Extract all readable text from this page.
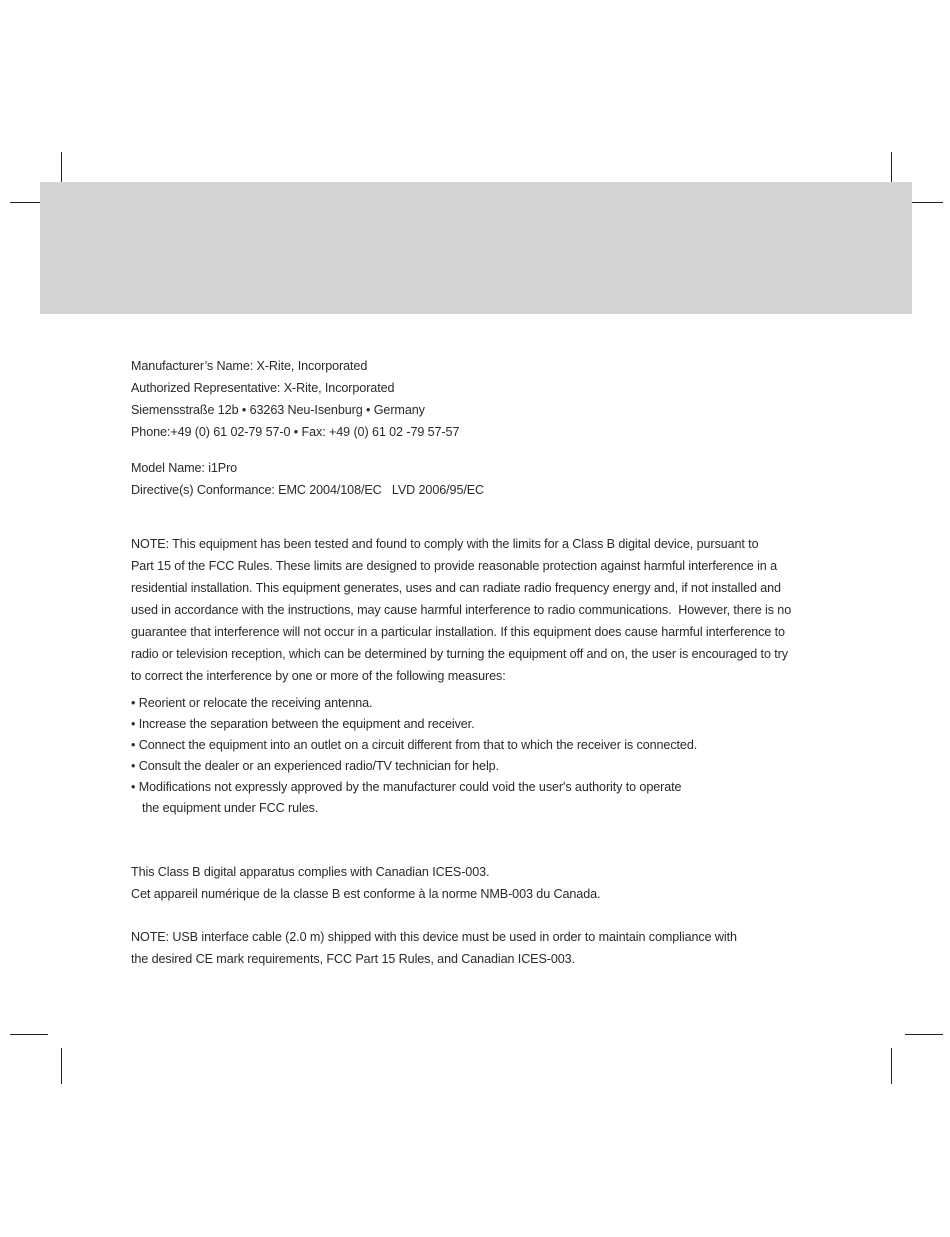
Manufacturer’s Name: X-Rite, Incorporated
Authorized Representative: X-Rite, Incorporated
Siemensstraße 12b • 63263 Neu-Isenburg • Germany
Phone:+49 (0) 61 02-79 57-0 • Fax: +49 (0) 61 02 -79 57-57
Model Name: i1Pro
Directive(s) Conformance: EMC 2004/108/EC   LVD 2006/95/EC
NOTE: This equipment has been tested and found to comply with the limits for a Class B digital device, pursuant to
Part 15 of the FCC Rules. These limits are designed to provide reasonable protection against harmful interference in a
residential installation. This equipment generates, uses and can radiate radio frequency energy and, if not installed and
used in accordance with the instructions, may cause harmful interference to radio communications.  However, there is no
guarantee that interference will not occur in a particular installation. If this equipment does cause harmful interference to
radio or television reception, which can be determined by turning the equipment off and on, the user is encouraged to try
to correct the interference by one or more of the following measures:
• Reorient or relocate the receiving antenna.
• Increase the separation between the equipment and receiver.
• Connect the equipment into an outlet on a circuit different from that to which the receiver is connected.
• Consult the dealer or an experienced radio/TV technician for help.
• Modifications not expressly approved by the manufacturer could void the user's authority to operate
the equipment under FCC rules.
This Class B digital apparatus complies with Canadian ICES-003.
Cet appareil numérique de la classe B est conforme à la norme NMB-003 du Canada.
NOTE: USB interface cable (2.0 m) shipped with this device must be used in order to maintain compliance with
the desired CE mark requirements, FCC Part 15 Rules, and Canadian ICES-003.
